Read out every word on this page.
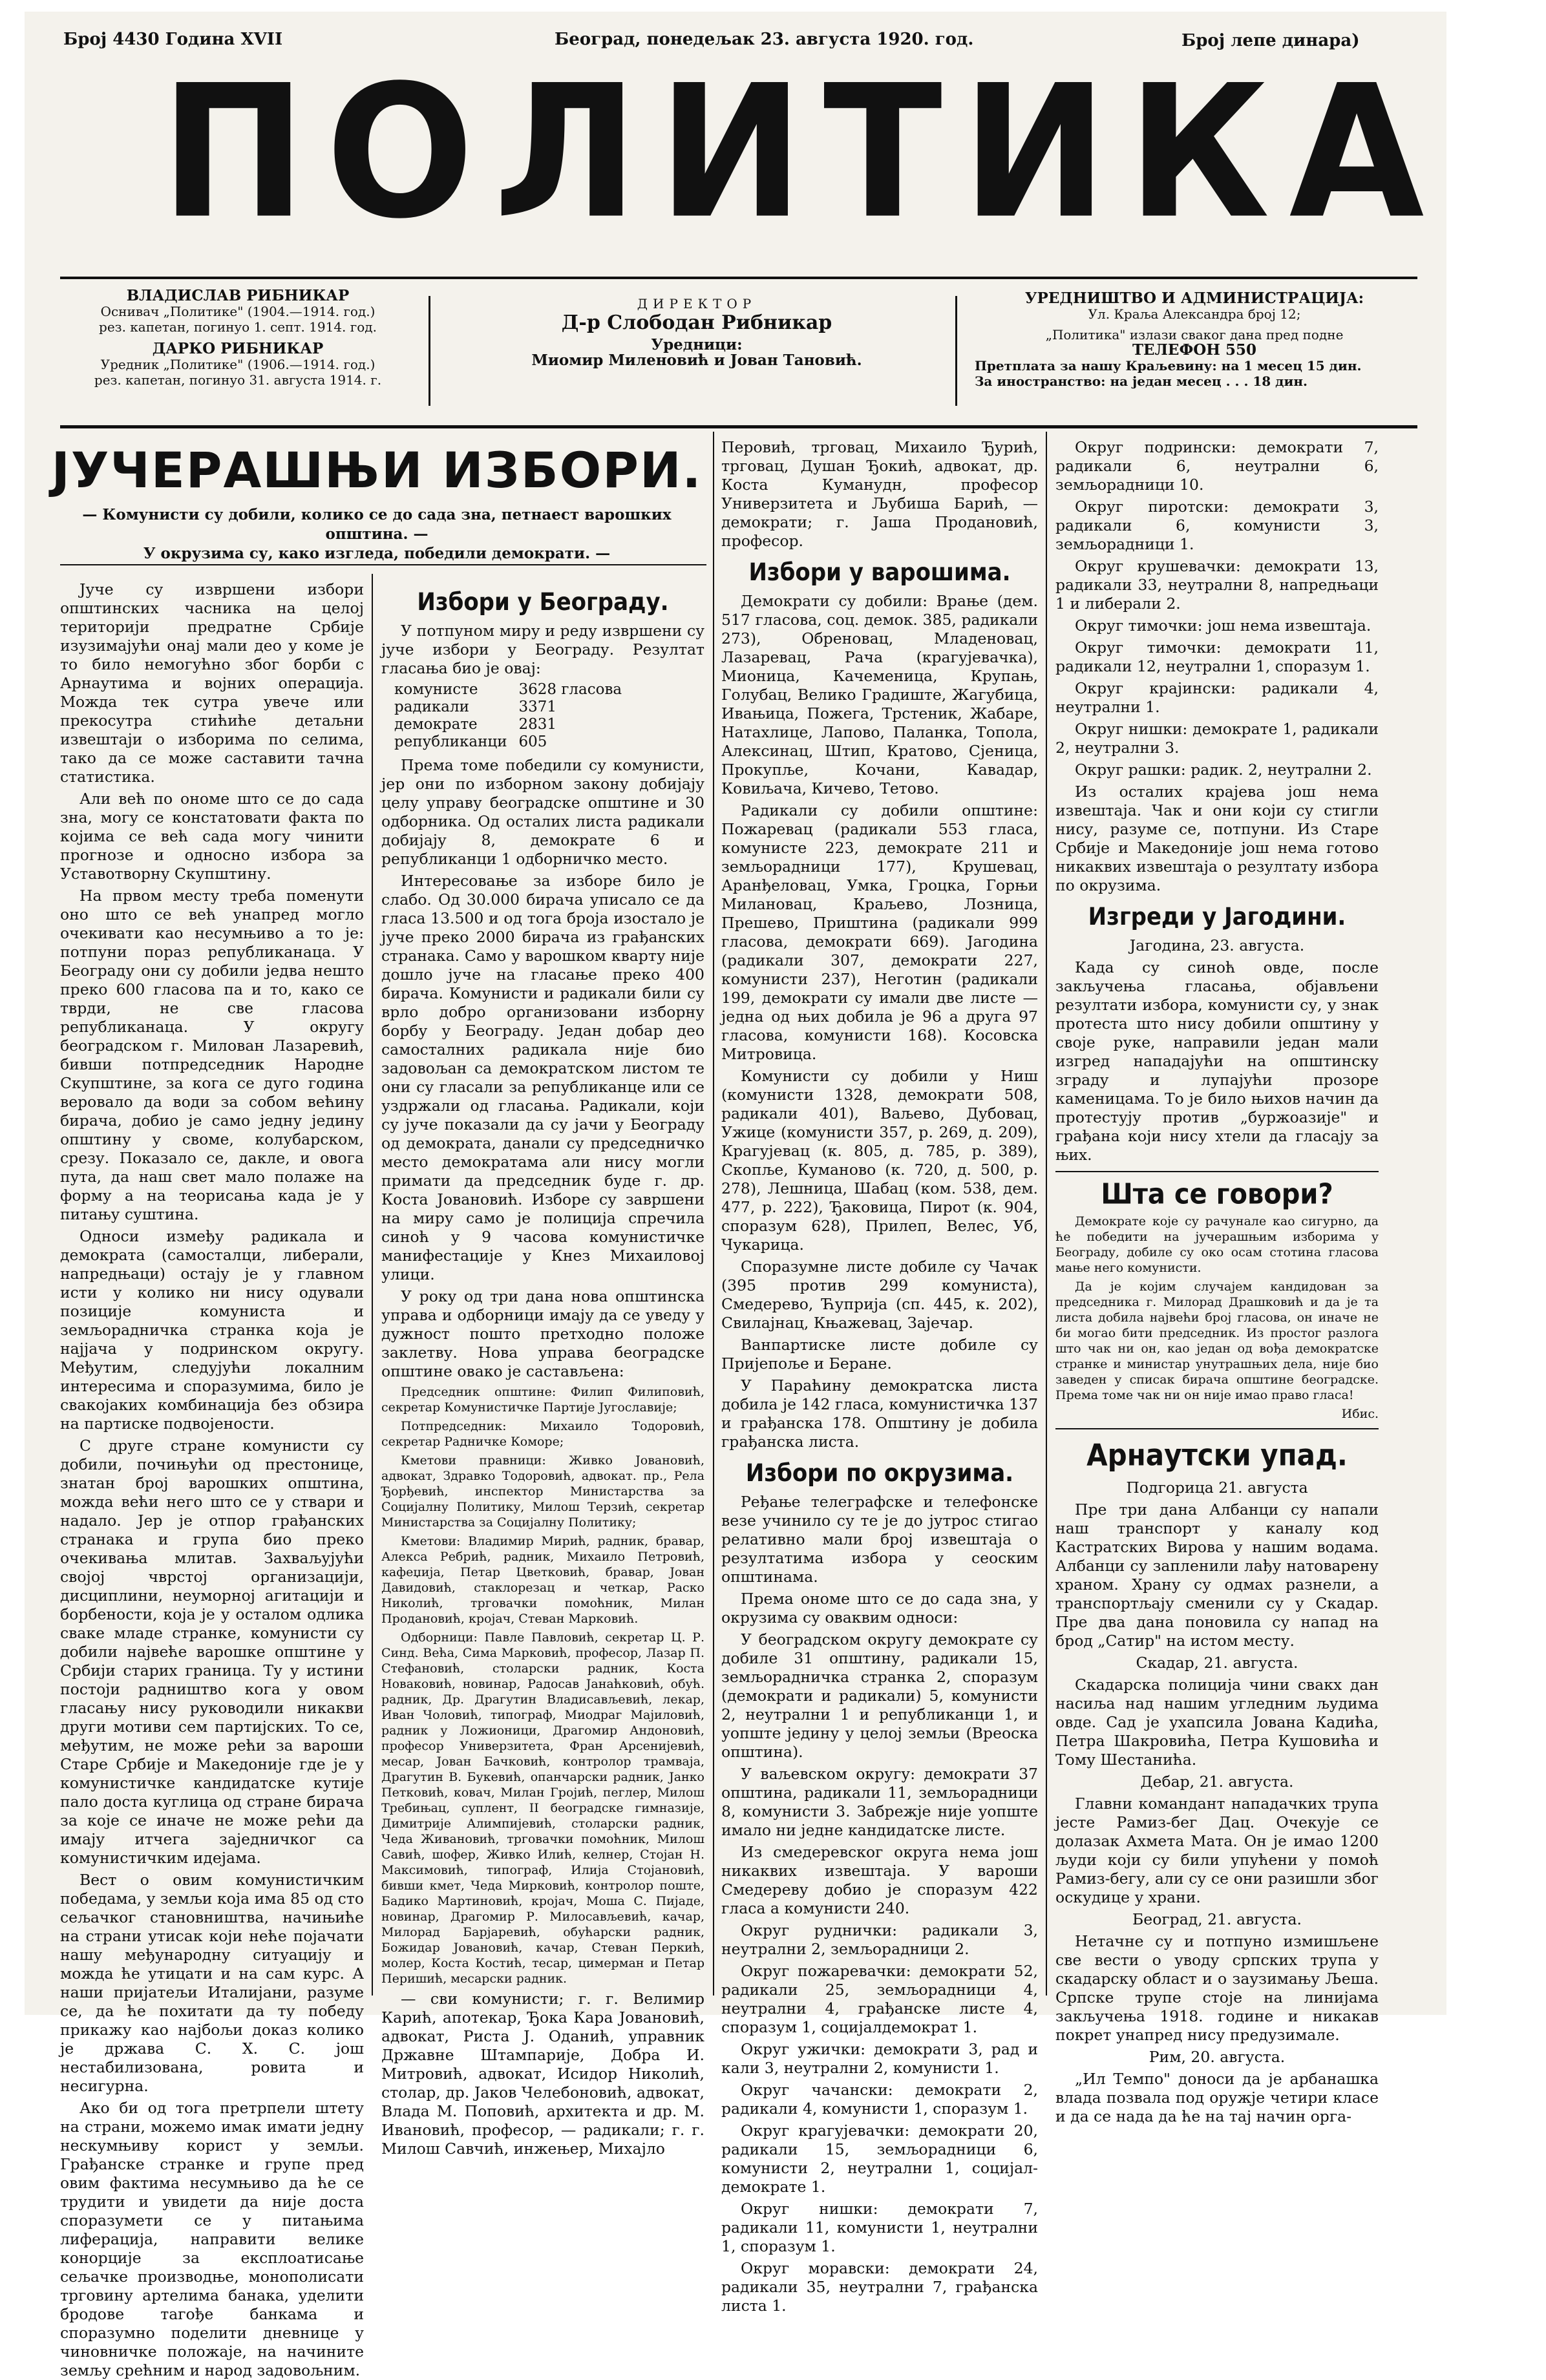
Број 4430 Година XVII	Београд, понедељак 23. августа 1920. год.	Број лепе динара)
ПОЛИТИКА
ВЛАДИСЛАВ РИБНИКАР
Оснивач „Политике" (1904.—1914. год.)
рез. капетан, погинуо 1. септ. 1914. год.
ДАРКО РИБНИКАР
Уредник „Политике" (1906.—1914. год.)
рез. капетан, погинуо 31. августа 1914. г.
ДИРЕКТОР
Д-р Слободан Рибникар
Уредници:
Миомир Миленовић и Јован Тановић.
УРЕДНИШТВО И АДМИНИСТРАЦИЈА:
Ул. Краља Александра број 12;
„Политика" излази сваког дана пред подне
ТЕЛЕФОН 550
Претплата за нашу Краљевину: на 1 месец 15 дин.
За иностранство: на један месец . . . 18 дин.
ЈУЧЕРАШЊИ ИЗБОРИ.
— Комунисти су добили, колико се до сада зна, петнаест варошких општина. —
У окрузима су, како изгледа, победили демократи. —

Јуче су извршени избори општинских часника на целој територији предратне Србије изузимајући онај мали део у коме је то било немогућно због борби с Арнаутима и војних операција. Можда тек сутра увече или прекосутра стићиће детаљни извештаји о изборима по селима, тако да се може саставити тачна статистика.

Али већ по ономе што се до сада зна, могу се констатовати факта по којима се већ сада могу чинити прогнозе и односно избора за Уставотворну Скупштину.

На првом месту треба поменути оно што се већ унапред могло очекивати као несумњиво а то је: потпуни пораз републиканаца. У Београду они су добили једва нешто преко 600 гласова па и то, како се тврди, не све гласова републиканаца. У округу београдском г. Милован Лазаревић, бивши потпредседник Народне Скупштине, за кога се дуго година веровало да води за собом већину бирача, добио је само једну једину општину у своме, колубарском, срезу. Показало се, дакле, и овога пута, да наш свет мало полаже на форму а на теорисања када је у питању суштина.

Односи између радикала и демократа (самосталци, либерали, напредњаци) остају је у главном исти у колико ни нису одували позиције комуниста и земљорадничка странка која је најјача у подринском округу. Међутим, следујући локалним интересима и споразумима, било је свакојаких комбинација без обзира на партиске подвојености.

С друге стране комунисти су добили, почињући од престонице, знатан број варошких општина, можда већи него што се у ствари и надало. Јер је отпор грађанских странака и група био преко очекивања млитав. Захваљујући својој чврстој организацији, дисциплини, неуморној агитацији и борбености, која је у осталом одлика сваке младе странке, комунисти су добили највеће варошке општине у Србији старих граница. Ту у истини постоји радништво кога у овом гласању нису руководили никакви други мотиви сем партијских. То се, међутим, не може рећи за вароши Старе Србије и Македоније где је у комунистичке кандидатске кутије пало доста куглица од стране бирача за које се иначе не може рећи да имају итчега заједничког са комунистичким идејама.

Вест о овим комунистичким победама, у земљи која има 85 од сто сељачког становништва, начињиће на страни утисак који неће појачати нашу међународну ситуацију и можда ће утицати и на сам курс. А наши пријатељи Италијани, разуме се, да ће похитати да ту победу прикажу као најбољи доказ колико је држава С. Х. С. још нестабилизована, ровита и несигурна.

Ако би од тога претрпели штету на страни, можемо имак имати једну нескумњиву корист у земљи. Грађанске странке и групе пред овим фактима несумњиво да ће се трудити и увидети да није доста споразумети се у питањима лиферација, направити велике конорције за експлоатисање сељачке производње, монополисати трговину артелима банака, уделити бродове тагође банкама и споразумно поделити дневнице у чиновничке положаје, на начините земљу срећним и народ задовољним.

Избори у Београду.

У потпуном миру и реду извршени су јуче избори у Београду. Резултат гласања био је овај:

комунисте	3628 гласова
радикали	3371
демократе	2831
републиканци	605

Према томе победили су комунисти, јер они по изборном закону добијају целу управу београдске општине и 30 одборника. Од осталих листа радикали добијају 8, демократе 6 и републиканци 1 одборничко место.

Интересовање за изборе било је слабо. Од 30.000 бирача уписало се да гласа 13.500 и од тога броја изостало је јуче преко 2000 бирача из грађанских странака. Само у варошком кварту није дошло јуче на гласање преко 400 бирача. Комунисти и радикали били су врло добро организовани изборну борбу у Београду. Један добар део самосталних радикала није био задовољан са демократском листом те они су гласали за републиканце или се уздржали од гласања. Радикали, који су јуче показали да су јачи у Београду од демократа, данали су председничко место демократама али нису могли примати да председник буде г. др. Коста Јовановић. Изборе су завршени на миру само је полиција спречила синоћ у 9 часова комунистичке манифестације у Кнез Михаиловој улици.

У року од три дана нова општинска управа и одборници имају да се уведу у дужност пошто претходно положе заклетву. Нова управа београдске општине овако је састављена:

Председник општине: Филип Филиповић, секретар Комунистичке Партије Југославије;

Потпредседник: Михаило Тодоровић, секретар Радничке Коморе;

Кметови правници: Живко Јовановић, адвокат, Здравко Тодоровић, адвокат. пр., Рела Ђорђевић, инспектор Министарства за Социјалну Политику, Милош Терзић, секретар Министарства за Социјалну Политику;

Кметови: Владимир Мирић, радник, бравар, Алекса Ребрић, радник, Михаило Петровић, кафеџија, Петар Цветковић, бравар, Јован Давидовић, стаклорезац и четкар, Раско Николић, трговачки помоћник, Милан Продановић, кројач, Стеван Марковић.

Одборници: Павле Павловић, секретар Ц. Р. Синд. Већа, Сима Марковић, професор, Лазар П. Стефановић, столарски радник, Коста Новаковић, новинар, Радосав Јанаћковић, обућ. радник, Др. Драгутин Владисављевић, лекар, Иван Чоловић, типограф, Миодраг Мајиловић, радник у Ложионици, Драгомир Андоновић, професор Универзитета, Фран Арсенијевић, месар, Јован Бачковић, контролор трамваја, Драгутин В. Букевић, опанчарски радник, Јанко Петковић, ковач, Милан Гројић, пеглер, Милош Требињац, суплент, II београдске гимназије, Димитрије Алимпијевић, столарски радник, Чеда Живановић, трговачки помоћник, Милош Савић, шофер, Живко Илић, келнер, Стојан Н. Максимовић, типограф, Илија Стојановић, бивши кмет, Чеда Мирковић, контролор поште, Бадико Мартиновић, кројач, Моша С. Пијаде, новинар, Драгомир Р. Милосављевић, качар, Милорад Барјаревић, обућарски радник, Божидар Јовановић, качар, Стеван Перкић, молер, Коста Костић, тесар, цимерман и Петар Перишић, месарски радник.

— сви комунисти; г. г. Велимир Карић, апотекар, Ђока Кара Јовановић, адвокат, Риста Ј. Оданић, управник Државне Штампарије, Добра И. Митровић, адвокат, Исидор Николић, столар, др. Јаков Челебоновић, адвокат, Влада М. Поповић, архитекта и др. М. Ивановић, професор, — радикали; г. г. Милош Савчић, инжењер, Михајло

Перовић, трговац, Михаило Ђурић, трговац, Душан Ђокић, адвокат, др. Коста Куманудн, професор Универзитета и Љубиша Барић, — демократи; г. Јаша Продановић, професор.

Избори у варошима.

Демократи су добили: Врање (дем. 517 гласова, соц. демок. 385, радикали 273), Обреновац, Младеновац, Лазаревац, Рача (крагујевачка), Мионица, Качеменица, Крупањ, Голубац, Велико Градиште, Жагубица, Ивањица, Пожега, Трстеник, Жабаре, Натахлице, Лапово, Паланка, Топола, Алексинац, Штип, Кратово, Сјеница, Прокупље, Кочани, Кавадар, Ковиљача, Кичево, Тетово.

Радикали су добили општине: Пожаревац (радикали 553 гласа, комунисте 223, демократе 211 и земљорадници 177), Крушевац, Аранђеловац, Умка, Гроцка, Горњи Милановац, Краљево, Лозница, Прешево, Приштина (радикали 999 гласова, демократи 669). Јагодина (радикали 307, демократи 227, комунисти 237), Неготин (радикали 199, демократи су имали две листе — једна од њих добила је 96 а друга 97 гласова, комунисти 168). Косовска Митровица.

Комунисти су добили у Ниш (комунисти 1328, демократи 508, радикали 401), Ваљево, Дубовац, Ужице (комунисти 357, р. 269, д. 209), Крагујевац (к. 805, д. 785, р. 389), Скопље, Куманово (к. 720, д. 500, р. 278), Лешница, Шабац (ком. 538, дем. 477, р. 222), Ђаковица, Пирот (к. 904, споразум 628), Прилеп, Велес, Уб, Чукарица.

Споразумне листе добиле су Чачак (395 против 299 комуниста), Смедерево, Ћуприја (сп. 445, к. 202), Свилајнац, Књажевац, Зајечар.

Ванпартиске листе добиле су Пријепоље и Беране.

У Параћину демократска листа добила је 142 гласа, комунистичка 137 и грађанска 178. Општину је добила грађанска листа.

Избори по окрузима.

Ређање телеграфске и телефонске везе учинило су те је до јутрос стигао релативно мали број извештаја о резултатима избора у сеоским општинама.

Према ономе што се до сада зна, у окрузима су оваквим односи:

У београдском округу демократе су добиле 31 општину, радикали 15, земљорадничка странка 2, споразум (демократи и радикали) 5, комунисти 2, неутрални 1 и републиканци 1, и уопште једину у целој земљи (Вреоска општина).

У ваљевском округу: демократи 37 општина, радикали 11, земљорадници 8, комунисти 3. Забрежје није уопште имало ни једне кандидатске листе.

Из смедеревског округа нема још никаквих извештаја. У вароши Смедереву добио је споразум 422 гласа а комунисти 240.

Округ руднички: радикали 3, неутрални 2, земљорадници 2.

Округ пожаревачки: демократи 52, радикали 25, земљорадници 4, неутрални 4, грађанске листе 4, споразум 1, социјалдемократ 1.

Округ ужички: демократи 3, рад и кали 3, неутрални 2, комунисти 1.

Округ чачански: демократи 2, радикали 4, комунисти 1, споразум 1.

Округ крагујевачки: демократи 20, радикали 15, земљорадници 6, комунисти 2, неутрални 1, социјал-демократе 1.

Округ нишки: демократи 7, радикали 11, комунисти 1, неутрални 1, споразум 1.

Округ моравски: демократи 24, радикали 35, неутрални 7, грађанска листа 1.

Округ подрински: демократи 7, радикали 6, неутрални 6, земљорадници 10.

Округ пиротски: демократи 3, радикали 6, комунисти 3, земљорадници 1.

Округ крушевачки: демократи 13, радикали 33, неутрални 8, напредњаци 1 и либерали 2.

Округ тимочки: још нема извештаја.

Округ тимочки: демократи 11, радикали 12, неутрални 1, споразум 1.

Округ крајински: радикали 4, неутрални 1.

Округ нишки: демократе 1, радикали 2, неутрални 3.

Округ рашки: радик. 2, неутрални 2.

Из осталих крајева још нема извештаја. Чак и они који су стигли нису, разуме се, потпуни. Из Старе Србије и Македоније још нема готово никаквих извештаја о резултату избора по окрузима.

Изгреди у Јагодини.

Јагодина, 23. августа.

Када су синоћ овде, после закључења гласања, објављени резултати избора, комунисти су, у знак протеста што нису добили општину у своје руке, направили један мали изгред нападајући на општинску зграду и лупајући прозоре каменицама. То је било њихов начин да протестују против „буржоазије" и грађана који нису хтели да гласају за њих.

Шта се говори?

Демократе које су рачунале као сигурно, да ће победити на јучерашњим изборима у Београду, добиле су око осам стотина гласова мање него комунисти.

Да је којим случајем кандидован за председника г. Милорад Драшковић и да је та листа добила највећи број гласова, он иначе не би могао бити председник. Из простог разлога што чак ни он, као један од вођа демократске странке и министар унутрашњих дела, није био заведен у списак бирача општине београдске. Према томе чак ни он није имао право гласа!

Ибис.

Арнаутски упад.

Подгорица 21. августа

Пре три дана Албанци су напали наш транспорт у каналу код Кастратских Вирова у нашим водама. Албанци су запленили лађу натоварену храном. Храну су одмах разнели, а транспортљају сменили су у Скадар. Пре два дана поновила су напад на брод „Сатир" на истом месту.

Скадар, 21. августа.

Скадарска полиција чини свакх дан насиља над нашим угледним људима овде. Сад је ухапсила Јована Кадића, Петра Шакровића, Петра Кушовића и Тому Шестанића.

Дебар, 21. августа.

Главни командант нападачких трупа јесте Рамиз-бег Дац. Очекује се долазак Ахмета Мата. Он је имао 1200 људи који су били упућени у помоћ Рамиз-бегу, али су се они разишли због оскудице у храни.

Београд, 21. августа.

Нетачне су и потпуно измишљене све вести о уводу српских трупа у скадарску област и о заузимању Љеша. Српске трупе стоје на линијама закључења 1918. године и никакав покрет унапред нису предузимале.

Рим, 20. августа.

„Ил Темпо" доноси да је арбанашка влада позвала под оружје четири класе и да се нада да ће на тај начин орга-
